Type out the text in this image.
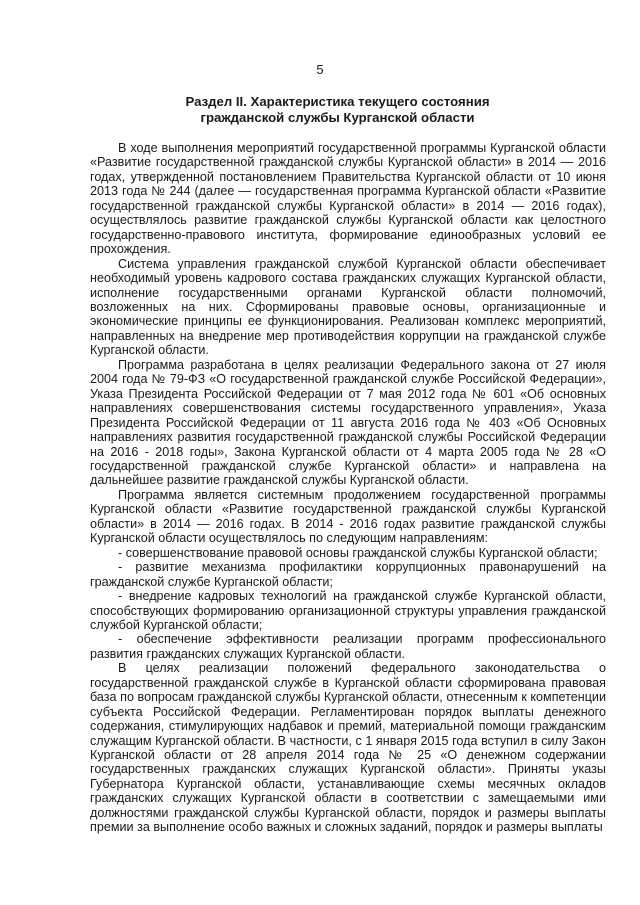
5
Раздел II. Характеристика текущего состояния гражданской службы Курганской области

В ходе выполнения мероприятий государственной программы Курганской области «Развитие государственной гражданской службы Курганской области» в 2014 — 2016 годах, утвержденной постановлением Правительства Курганской области от 10 июня 2013 года № 244 (далее — государственная программа Курганской области «Развитие государственной гражданской службы Курганской области» в 2014 — 2016 годах), осуществлялось развитие гражданской службы Курганской области как целостного государственно-правового института, формирование единообразных условий ее прохождения.

Система управления гражданской службой Курганской области обеспечивает необходимый уровень кадрового состава гражданских служащих Курганской области, исполнение государственными органами Курганской области полномочий, возложенных на них. Сформированы правовые основы, организационные и экономические принципы ее функционирования. Реализован комплекс мероприятий, направленных на внедрение мер противодействия коррупции на гражданской службе Курганской области.

Программа разработана в целях реализации Федерального закона от 27 июля 2004 года № 79-ФЗ «О государственной гражданской службе Российской Федерации», Указа Президента Российской Федерации от 7 мая 2012 года № 601 «Об основных направлениях совершенствования системы государственного управления», Указа Президента Российской Федерации от 11 августа 2016 года № 403 «Об Основных направлениях развития государственной гражданской службы Российской Федерации на 2016 - 2018 годы», Закона Курганской области от 4 марта 2005 года № 28 «О государственной гражданской службе Курганской области» и направлена на дальнейшее развитие гражданской службы Курганской области.

Программа является системным продолжением государственной программы Курганской области «Развитие государственной гражданской службы Курганской области» в 2014 — 2016 годах. В 2014 - 2016 годах развитие гражданской службы Курганской области осуществлялось по следующим направлениям:

- совершенствование правовой основы гражданской службы Курганской области;

- развитие механизма профилактики коррупционных правонарушений на гражданской службе Курганской области;

- внедрение кадровых технологий на гражданской службе Курганской области, способствующих формированию организационной структуры управления гражданской службой Курганской области;

- обеспечение эффективности реализации программ профессионального развития гражданских служащих Курганской области.

В целях реализации положений федерального законодательства о государственной гражданской службе в Курганской области сформирована правовая база по вопросам гражданской службы Курганской области, отнесенным к компетенции субъекта Российской Федерации. Регламентирован порядок выплаты денежного содержания, стимулирующих надбавок и премий, материальной помощи гражданским служащим Курганской области. В частности, с 1 января 2015 года вступил в силу Закон Курганской области от 28 апреля 2014 года № 25 «О денежном содержании государственных гражданских служащих Курганской области». Приняты указы Губернатора Курганской области, устанавливающие схемы месячных окладов гражданских служащих Курганской области в соответствии с замещаемыми ими должностями гражданской службы Курганской области, порядок и размеры выплаты премии за выполнение особо важных и сложных заданий, порядок и размеры выплаты
